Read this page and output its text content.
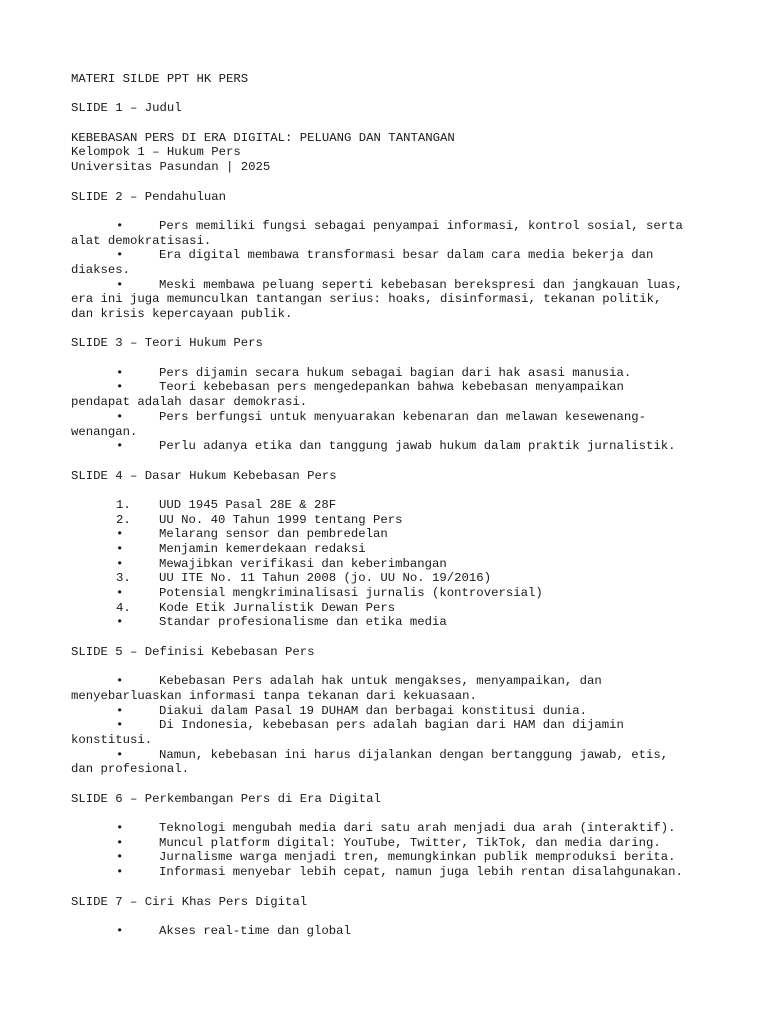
MATERI SILDE PPT HK PERS
SLIDE 1 – Judul
KEBEBASAN PERS DI ERA DIGITAL: PELUANG DAN TANTANGAN
Kelompok 1 – Hukum Pers
Universitas Pasundan | 2025
SLIDE 2 – Pendahuluan
•	Pers memiliki fungsi sebagai penyampai informasi, kontrol sosial, serta
alat demokratisasi.
•	Era digital membawa transformasi besar dalam cara media bekerja dan
diakses.
•	Meski membawa peluang seperti kebebasan berekspresi dan jangkauan luas,
era ini juga memunculkan tantangan serius: hoaks, disinformasi, tekanan politik,
dan krisis kepercayaan publik.
SLIDE 3 – Teori Hukum Pers
•	Pers dijamin secara hukum sebagai bagian dari hak asasi manusia.
•	Teori kebebasan pers mengedepankan bahwa kebebasan menyampaikan
pendapat adalah dasar demokrasi.
•	Pers berfungsi untuk menyuarakan kebenaran dan melawan kesewenang-
wenangan.
•	Perlu adanya etika dan tanggung jawab hukum dalam praktik jurnalistik.
SLIDE 4 – Dasar Hukum Kebebasan Pers
1. UUD 1945 Pasal 28E & 28F
2. UU No. 40 Tahun 1999 tentang Pers
•	Melarang sensor dan pembredelan
•	Menjamin kemerdekaan redaksi
•	Mewajibkan verifikasi dan keberimbangan
3. UU ITE No. 11 Tahun 2008 (jo. UU No. 19/2016)
•	Potensial mengkriminalisasi jurnalis (kontroversial)
4. Kode Etik Jurnalistik Dewan Pers
•	Standar profesionalisme dan etika media
SLIDE 5 – Definisi Kebebasan Pers
•	Kebebasan Pers adalah hak untuk mengakses, menyampaikan, dan
menyebarluaskan informasi tanpa tekanan dari kekuasaan.
•	Diakui dalam Pasal 19 DUHAM dan berbagai konstitusi dunia.
•	Di Indonesia, kebebasan pers adalah bagian dari HAM dan dijamin
konstitusi.
•	Namun, kebebasan ini harus dijalankan dengan bertanggung jawab, etis,
dan profesional.
SLIDE 6 – Perkembangan Pers di Era Digital
•	Teknologi mengubah media dari satu arah menjadi dua arah (interaktif).
•	Muncul platform digital: YouTube, Twitter, TikTok, dan media daring.
•	Jurnalisme warga menjadi tren, memungkinkan publik memproduksi berita.
•	Informasi menyebar lebih cepat, namun juga lebih rentan disalahgunakan.
SLIDE 7 – Ciri Khas Pers Digital
•	Akses real-time dan global
